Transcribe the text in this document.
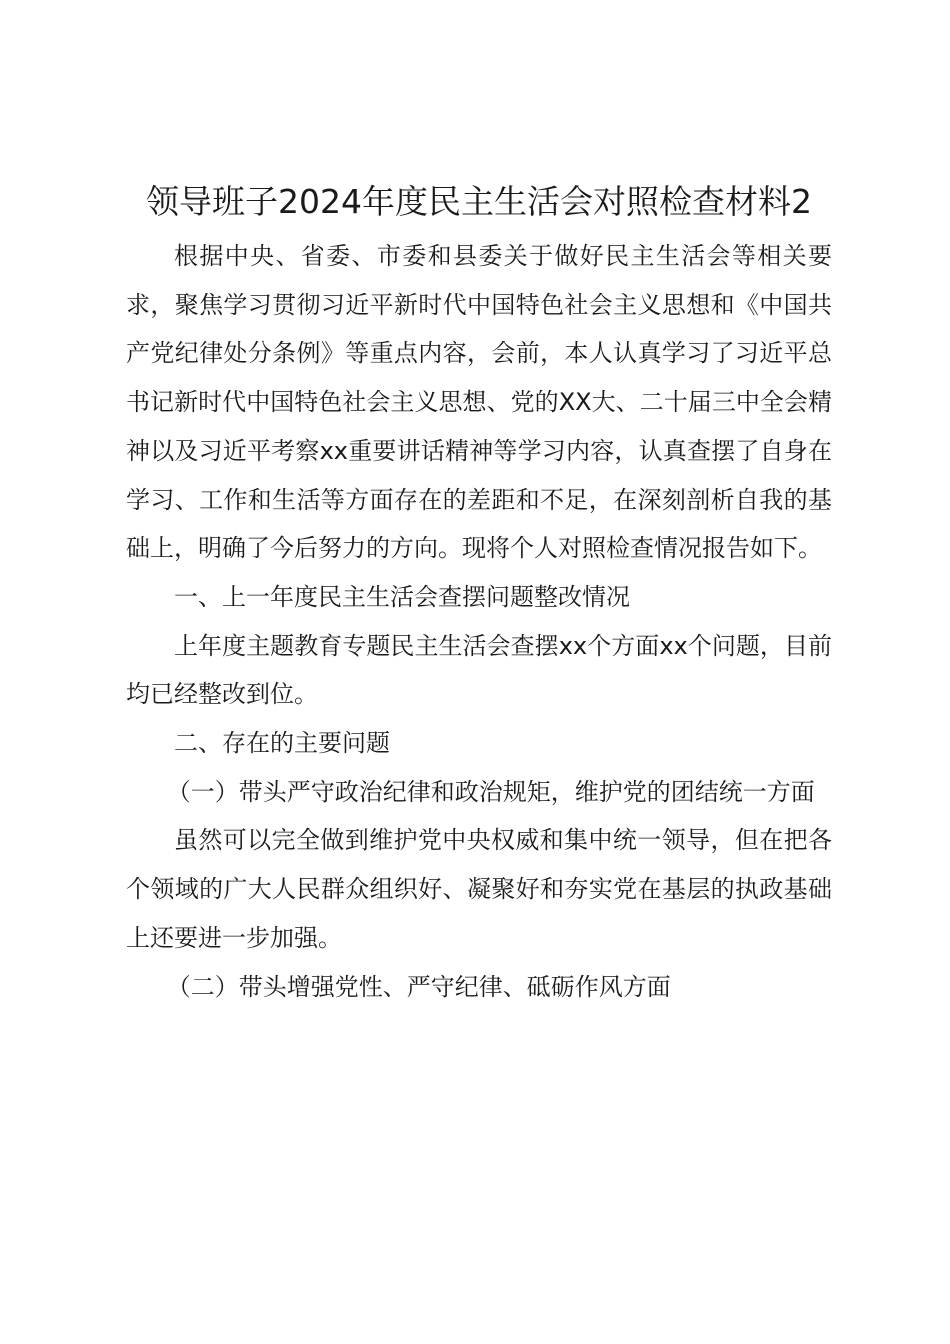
领导班子2024年度民主生活会对照检查材料2

根据中央、省委、市委和县委关于做好民主生活会等相关要求，聚焦学习贯彻习近平新时代中国特色社会主义思想和《中国共产党纪律处分条例》等重点内容，会前，本人认真学习了习近平总书记新时代中国特色社会主义思想、党的XX大、二十届三中全会精神以及习近平考察xx重要讲话精神等学习内容，认真查摆了自身在学习、工作和生活等方面存在的差距和不足，在深刻剖析自我的基础上，明确了今后努力的方向。现将个人对照检查情况报告如下。

一、上一年度民主生活会查摆问题整改情况

上年度主题教育专题民主生活会查摆xx个方面xx个问题，目前均已经整改到位。

二、存在的主要问题

（一）带头严守政治纪律和政治规矩，维护党的团结统一方面

虽然可以完全做到维护党中央权威和集中统一领导，但在把各个领域的广大人民群众组织好、凝聚好和夯实党在基层的执政基础上还要进一步加强。

（二）带头增强党性、严守纪律、砥砺作风方面
